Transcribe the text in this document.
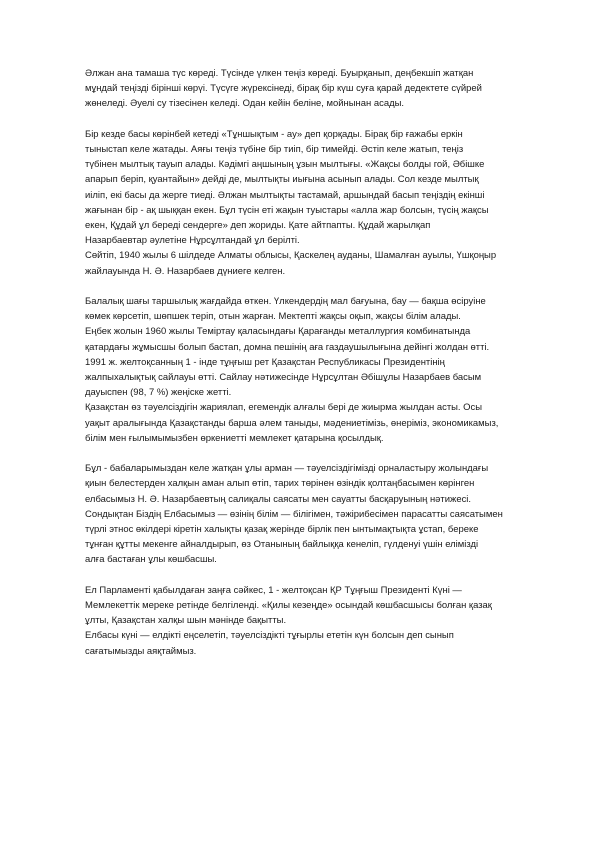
Әлжан ана тамаша түс көреді. Түсінде үлкен теңіз көреді. Буырқанып, деңбекшіп жатқан
мұндай теңізді бірінші көрүі. Түсүге жүрексінеді, бірақ бір күш суға қарай дедектете сүйрей
жөнеледі. Әуелі су тізесінен келеді. Одан кейін беліне, мойнынан асады.

Бір кезде басы көрінбей кетеді «Тұншықтым - ау» деп қорқады. Бірақ бір ғажабы еркін
тыныстап келе жатады. Аяғы теңіз түбіне бір тиіп, бір тимейді. Әстіп келе жатып, теңіз
түбінен мылтық тауып алады. Кәдімгі аңшының ұзын мылтығы. «Жақсы болды гой, Әбішке
апарып беріп, қуантайын» дейді де, мылтықты иығына асынып алады. Сол кезде мылтық
иіліп, екі басы да жерге тиеді. Әлжан мылтықты тастамай, аршындай басып теңіздің екінші
жағынан бір - ақ шыққан екен. Бұл түсін еті жақын туыстары «алла жар болсын, түсің жақсы
екен, Құдай ұл береді сендерге» деп жориды. Қате айтпапты. Құдай жарылқап
Назарбаевтар әулетіне Нұрсұлтандай ұл берілті.
Сөйтіп, 1940 жылы 6 шілдеде Алматы облысы, Қаскелең ауданы, Шамалған ауылы, Үшқоңыр
жайлауында Н. Ә. Назарбаев дүниеге келген.

Балалық шағы таршылық жағдайда өткен. Үлкендердің мал бағуына, бау — бақша өсіруіне
көмек көрсетіп, шөпшек теріп, отын жарған. Мектепті жақсы оқып, жақсы білім алады.
Еңбек жолын 1960 жылы Теміртау қаласындағы Қарағанды металлургия комбинатында
қатардағы жұмысшы болып бастап, домна пешінің аға газдаушылығына дейінгі жолдан өтті.
1991 ж. желтоқсанның 1 - інде тұңғыш рет Қазақстан Республикасы Президентінің
жалпыхалықтық сайлауы өтті. Сайлау нәтижесінде Нұрсұлтан Әбішұлы Назарбаев басым
дауыспен (98, 7 %) жеңіске жетті.
Қазақстан өз тәуелсіздігін жариялап, егемендік алғалы бері де жиырма жылдан асты. Осы
уақыт аралығында Қазақстанды барша әлем таныды, мәдениетімізь, өнеріміз, экономикамыз,
білім мен ғылымымызбен өркениетті мемлекет қатарына қосылдық.

Бұл - бабаларымыздан келе жатқан ұлы арман — тәуелсіздігімізді орналастыру жолындағы
қиын белестерден халқын аман алып өтіп, тарих төрінен өзіндік қолтаңбасымен көрінген
елбасымыз Н. Ә. Назарбаевтың салиқалы саясаты мен сауатты басқаруының нәтижесі.
Сондықтан Біздің Елбасымыз — өзінің білім — білігімен, тәжірибесімен парасатты саясатымен
түрлі этнос өкілдері кіретін халықты қазақ жерінде бірлік пен ынтымақтықта ұстап, береке
тұнған құтты мекенге айналдырып, өз Отанының байлыққа кенеліп, гүлденуі үшін елімізді
алға бастаған ұлы көшбасшы.

Ел Парламенті қабылдаған заңға сәйкес, 1 - желтоқсан ҚР Тұңғыш Президенті Күні —
Мемлекеттік мереке ретінде белгіленді. «Қилы кезеңде» осындай көшбасшысы болған қазақ
ұлты, Қазақстан халқы шын мәнінде бақытты.
Елбасы күні — елдікті еңселетіп, тәуелсіздікті тұғырлы ететін күн болсын деп сынып
сағатымызды аяқтаймыз.
